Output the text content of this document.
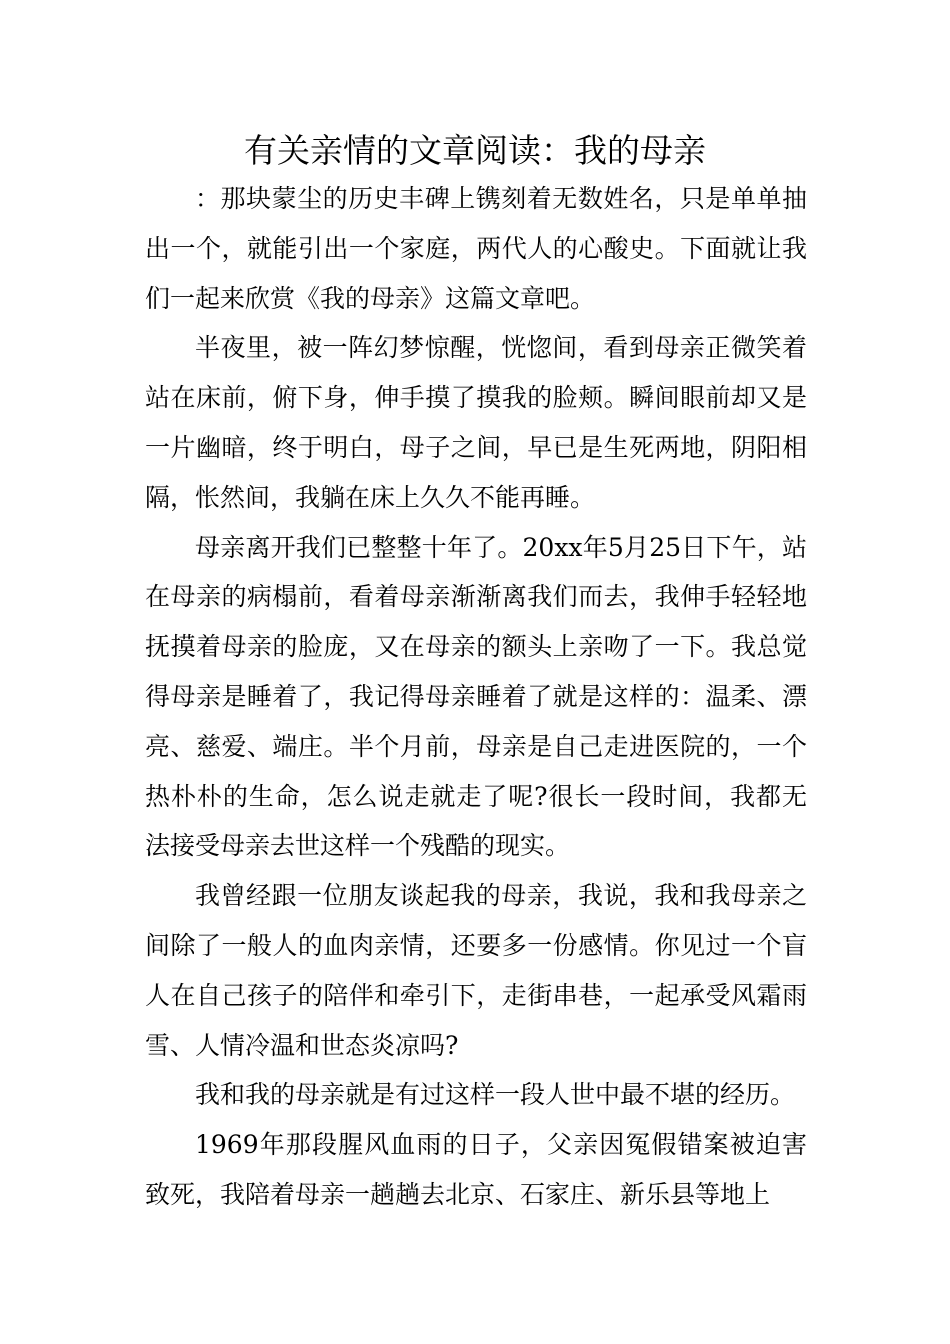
有关亲情的文章阅读：我的母亲

：那块蒙尘的历史丰碑上镌刻着无数姓名，只是单单抽出一个，就能引出一个家庭，两代人的心酸史。下面就让我们一起来欣赏《我的母亲》这篇文章吧。

半夜里，被一阵幻梦惊醒，恍惚间，看到母亲正微笑着站在床前，俯下身，伸手摸了摸我的脸颊。瞬间眼前却又是一片幽暗，终于明白，母子之间，早已是生死两地，阴阳相隔，怅然间，我躺在床上久久不能再睡。

母亲离开我们已整整十年了。20xx年5月25日下午，站在母亲的病榻前，看着母亲渐渐离我们而去，我伸手轻轻地抚摸着母亲的脸庞，又在母亲的额头上亲吻了一下。我总觉得母亲是睡着了，我记得母亲睡着了就是这样的：温柔、漂亮、慈爱、端庄。半个月前，母亲是自己走进医院的，一个热朴朴的生命，怎么说走就走了呢?很长一段时间，我都无法接受母亲去世这样一个残酷的现实。

我曾经跟一位朋友谈起我的母亲，我说，我和我母亲之间除了一般人的血肉亲情，还要多一份感情。你见过一个盲人在自己孩子的陪伴和牵引下，走街串巷，一起承受风霜雨雪、人情冷温和世态炎凉吗?

我和我的母亲就是有过这样一段人世中最不堪的经历。

1969年那段腥风血雨的日子，父亲因冤假错案被迫害致死，我陪着母亲一趟趟去北京、石家庄、新乐县等地上
